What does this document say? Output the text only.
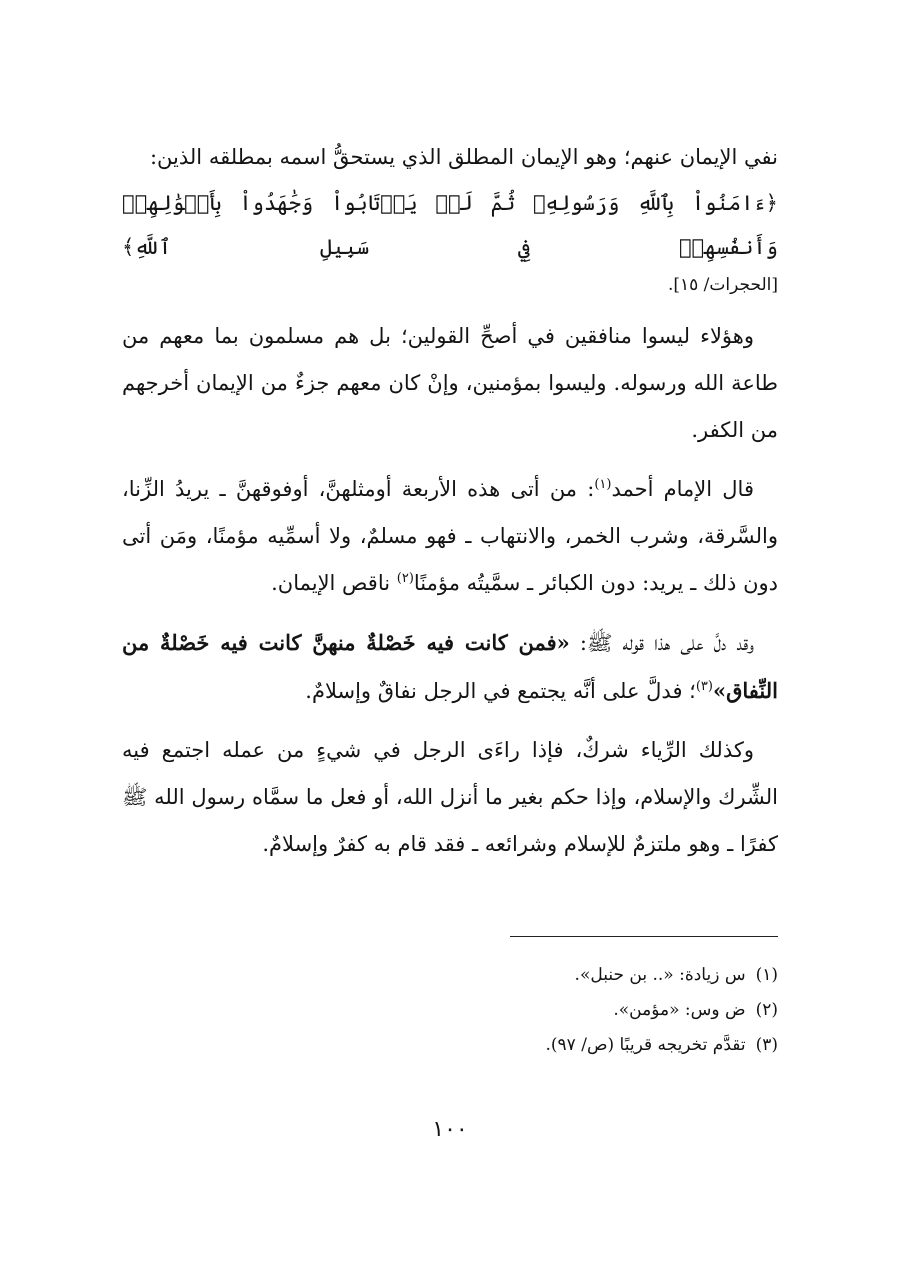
نفي الإيمان عنهم؛ وهو الإيمان المطلق الذي يستحقُّ اسمه بمطلقه الذين:
﴿ءَامَنُواْ بِٱللَّهِ وَرَسُولِهِۦ ثُمَّ لَمۡ يَرۡتَابُواْ وَجَٰهَدُواْ بِأَمۡوَٰلِهِمۡ وَأَنفُسِهِمۡ فِي سَبِيلِ ٱللَّهِ﴾
[الحجرات/ ١٥].

وهؤلاء ليسوا منافقين في أصحِّ القولين؛ بل هم مسلمون بما معهم من طاعة الله ورسوله. وليسوا بمؤمنين، وإنْ كان معهم جزءٌ من الإيمان أخرجهم من الكفر.

قال الإمام أحمد$^{(١)}$: من أتى هذه الأربعة أومثلهنَّ، أوفوقهنَّ ـ يريدُ الزِّنا، والسَّرقة، وشرب الخمر، والانتهاب ـ فهو مسلمٌ، ولا أسمِّيه مؤمنًا، ومَن أتى دون ذلك ـ يريد: دون الكبائر ـ سمَّيتُه مؤمنًا$^{(٢)}$ ناقص الإيمان.

وقد دلَّ على هذا قوله ﷺ: «فمن كانت فيه خَصْلةٌ منهنَّ كانت فيه خَصْلةٌ من النِّفاق»$^{(٣)}$؛ فدلَّ على أنَّه يجتمع في الرجل نفاقٌ وإسلامٌ.

وكذلك الرِّياء شركٌ، فإذا راءَى الرجل في شيءٍ من عمله اجتمع فيه الشِّرك والإسلام، وإذا حكم بغير ما أنزل الله، أو فعل ما سمَّاه رسول الله ﷺ كفرًا ـ وهو ملتزمٌ للإسلام وشرائعه ـ فقد قام به كفرٌ وإسلامٌ.

(١)س زيادة: «.. بن حنبل».
(٢)ض وس: «مؤمن».
(٣)تقدَّم تخريجه قريبًا (ص/ ٩٧).
١٠٠
